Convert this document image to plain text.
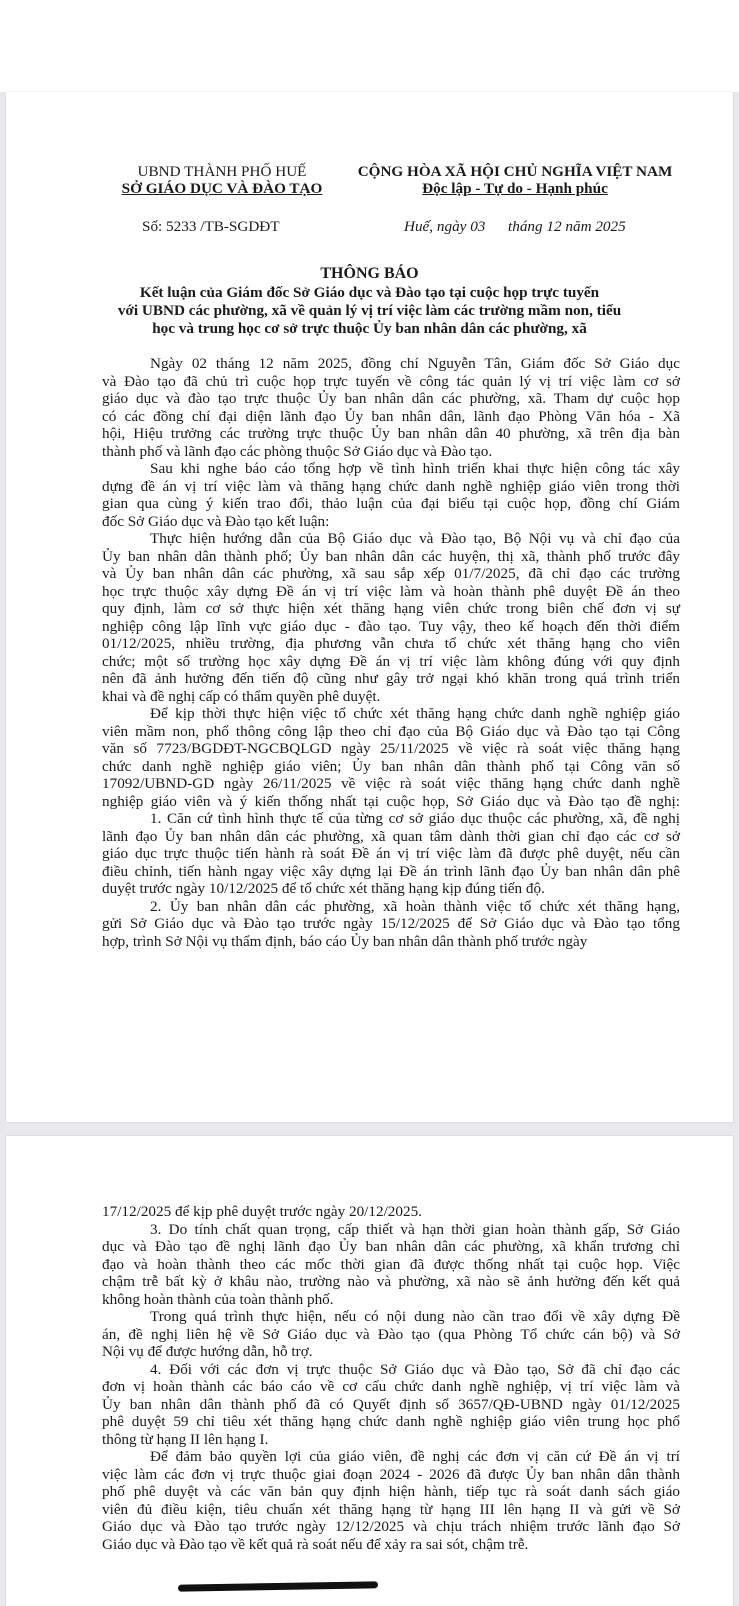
UBND THÀNH PHỐ HUẾ
SỞ GIÁO DỤC VÀ ĐÀO TẠO
CỘNG HÒA XÃ HỘI CHỦ NGHĨA VIỆT NAM
Độc lập - Tự do - Hạnh phúc
Số: 5233 /TB-SGDĐT	Huế, ngày 03 tháng 12 năm 2025
THÔNG BÁO
Kết luận của Giám đốc Sở Giáo dục và Đào tạo tại cuộc họp trực tuyến
với UBND các phường, xã về quản lý vị trí việc làm các trường mầm non, tiểu
học và trung học cơ sở trực thuộc Ủy ban nhân dân các phường, xã
Ngày 02 tháng 12 năm 2025, đồng chí Nguyễn Tân, Giám đốc Sở Giáo dục
và Đào tạo đã chủ trì cuộc họp trực tuyến về công tác quản lý vị trí việc làm cơ sở
giáo dục và đào tạo trực thuộc Ủy ban nhân dân các phường, xã. Tham dự cuộc họp
có các đồng chí đại diện lãnh đạo Ủy ban nhân dân, lãnh đạo Phòng Văn hóa - Xã
hội, Hiệu trưởng các trường trực thuộc Ủy ban nhân dân 40 phường, xã trên địa bàn
thành phố và lãnh đạo các phòng thuộc Sở Giáo dục và Đào tạo.
Sau khi nghe báo cáo tổng hợp về tình hình triển khai thực hiện công tác xây
dựng đề án vị trí việc làm và thăng hạng chức danh nghề nghiệp giáo viên trong thời
gian qua cùng ý kiến trao đổi, thảo luận của đại biểu tại cuộc họp, đồng chí Giám
đốc Sở Giáo dục và Đào tạo kết luận:
Thực hiện hướng dẫn của Bộ Giáo dục và Đào tạo, Bộ Nội vụ và chỉ đạo của
Ủy ban nhân dân thành phố; Ủy ban nhân dân các huyện, thị xã, thành phố trước đây
và Ủy ban nhân dân các phường, xã sau sắp xếp 01/7/2025, đã chỉ đạo các trường
học trực thuộc xây dựng Đề án vị trí việc làm và hoàn thành phê duyệt Đề án theo
quy định, làm cơ sở thực hiện xét thăng hạng viên chức trong biên chế đơn vị sự
nghiệp công lập lĩnh vực giáo dục - đào tạo. Tuy vậy, theo kế hoạch đến thời điểm
01/12/2025, nhiều trường, địa phương vẫn chưa tổ chức xét thăng hạng cho viên
chức; một số trường học xây dựng Đề án vị trí việc làm không đúng với quy định
nên đã ảnh hưởng đến tiến độ cũng như gây trở ngại khó khăn trong quá trình triển
khai và đề nghị cấp có thẩm quyền phê duyệt.
Để kịp thời thực hiện việc tổ chức xét thăng hạng chức danh nghề nghiệp giáo
viên mầm non, phổ thông công lập theo chỉ đạo của Bộ Giáo dục và Đào tạo tại Công
văn số 7723/BGDĐT-NGCBQLGD ngày 25/11/2025 về việc rà soát việc thăng hạng
chức danh nghề nghiệp giáo viên; Ủy ban nhân dân thành phố tại Công văn số
17092/UBND-GD ngày 26/11/2025 về việc rà soát việc thăng hạng chức danh nghề
nghiệp giáo viên và ý kiến thống nhất tại cuộc họp, Sở Giáo dục và Đào tạo đề nghị:
1. Căn cứ tình hình thực tế của từng cơ sở giáo dục thuộc các phường, xã, đề nghị
lãnh đạo Ủy ban nhân dân các phường, xã quan tâm dành thời gian chỉ đạo các cơ sở
giáo dục trực thuộc tiến hành rà soát Đề án vị trí việc làm đã được phê duyệt, nếu cần
điều chỉnh, tiến hành ngay việc xây dựng lại Đề án trình lãnh đạo Ủy ban nhân dân phê
duyệt trước ngày 10/12/2025 để tổ chức xét thăng hạng kịp đúng tiến độ.
2. Ủy ban nhân dân các phường, xã hoàn thành việc tổ chức xét thăng hạng,
gửi Sở Giáo dục và Đào tạo trước ngày 15/12/2025 để Sở Giáo dục và Đào tạo tổng
hợp, trình Sở Nội vụ thẩm định, báo cáo Ủy ban nhân dân thành phố trước ngày
17/12/2025 để kịp phê duyệt trước ngày 20/12/2025.
3. Do tính chất quan trọng, cấp thiết và hạn thời gian hoàn thành gấp, Sở Giáo
dục và Đào tạo đề nghị lãnh đạo Ủy ban nhân dân các phường, xã khẩn trương chỉ
đạo và hoàn thành theo các mốc thời gian đã được thống nhất tại cuộc họp. Việc
chậm trễ bất kỳ ở khâu nào, trường nào và phường, xã nào sẽ ảnh hưởng đến kết quả
không hoàn thành của toàn thành phố.
Trong quá trình thực hiện, nếu có nội dung nào cần trao đổi về xây dựng Đề
án, đề nghị liên hệ về Sở Giáo dục và Đào tạo (qua Phòng Tổ chức cán bộ) và Sở
Nội vụ để được hướng dẫn, hỗ trợ.
4. Đối với các đơn vị trực thuộc Sở Giáo dục và Đào tạo, Sở đã chỉ đạo các
đơn vị hoàn thành các báo cáo về cơ cấu chức danh nghề nghiệp, vị trí việc làm và
Ủy ban nhân dân thành phố đã có Quyết định số 3657/QĐ-UBND ngày 01/12/2025
phê duyệt 59 chỉ tiêu xét thăng hạng chức danh nghề nghiệp giáo viên trung học phổ
thông từ hạng II lên hạng I.
Để đảm bảo quyền lợi của giáo viên, đề nghị các đơn vị căn cứ Đề án vị trí
việc làm các đơn vị trực thuộc giai đoạn 2024 - 2026 đã được Ủy ban nhân dân thành
phố phê duyệt và các văn bản quy định hiện hành, tiếp tục rà soát danh sách giáo
viên đủ điều kiện, tiêu chuẩn xét thăng hạng từ hạng III lên hạng II và gửi về Sở
Giáo dục và Đào tạo trước ngày 12/12/2025 và chịu trách nhiệm trước lãnh đạo Sở
Giáo dục và Đào tạo về kết quả rà soát nếu để xảy ra sai sót, chậm trễ.
